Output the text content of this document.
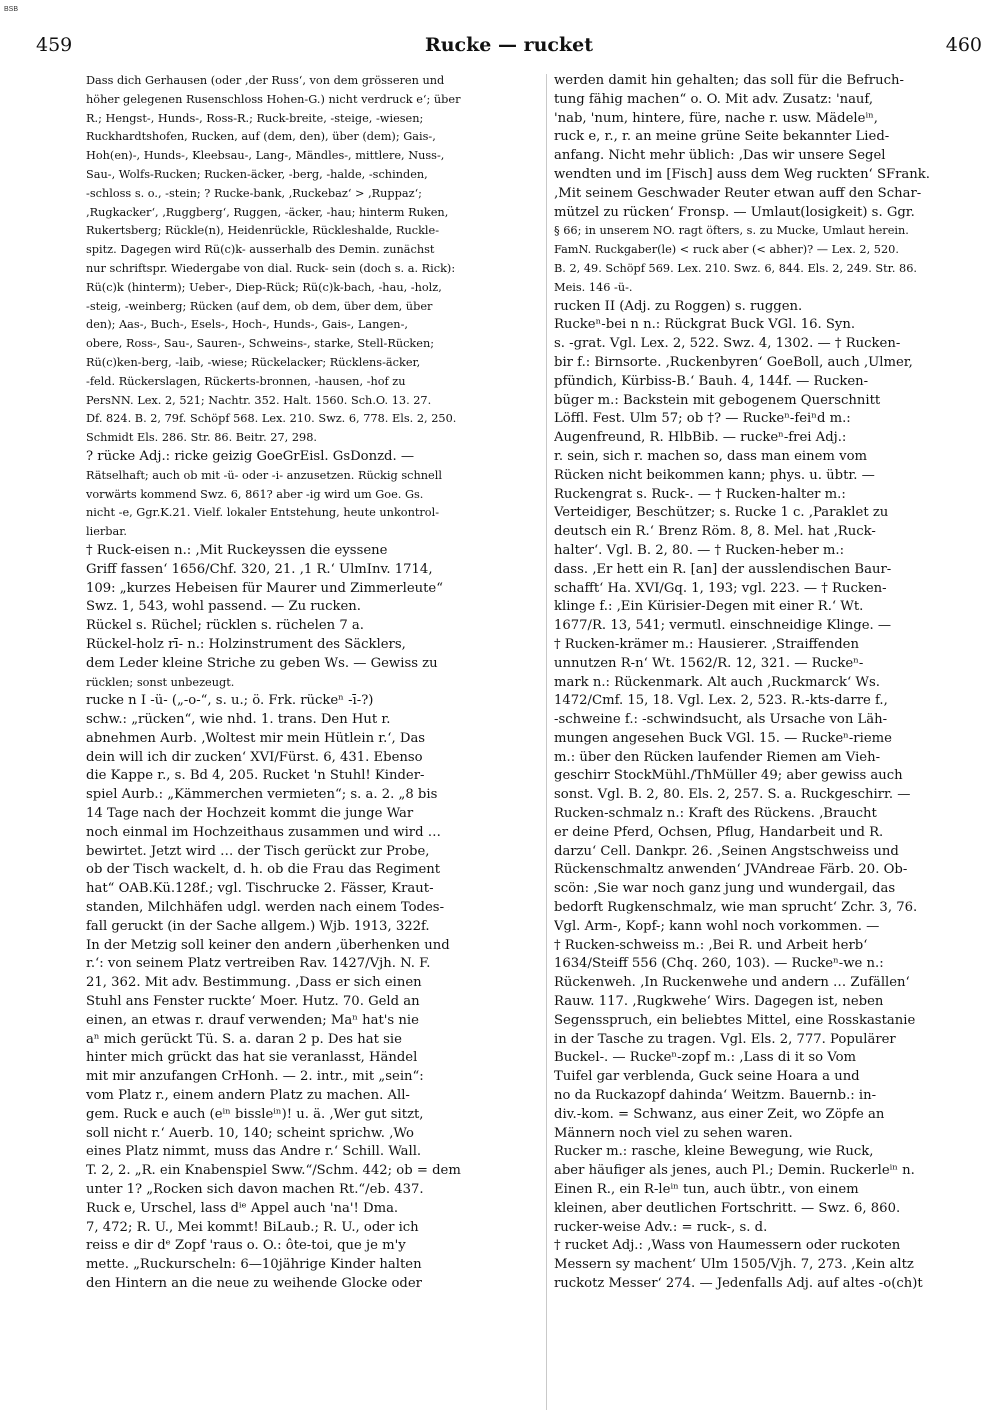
BSB
459	Rucke — rucket	460
Dass dich Gerhausen (oder ‚der Russ‘, von dem grösseren und
höher gelegenen Rusenschloss Hohen-G.) nicht verdruck e‘; über
R.; Hengst-, Hunds-, Ross-R.; Ruck-breite, -steige, -wiesen;
Ruckhardtshofen, Rucken, auf (dem, den), über (dem); Gais-,
Hoh(en)-, Hunds-, Kleebsau-, Lang-, Mändles-, mittlere, Nuss-,
Sau-, Wolfs-Rucken; Rucken-äcker, -berg, -halde, -schinden,
-schloss s. o., -stein; ? Rucke-bank, ‚Ruckebaz‘ > ‚Ruppaz‘;
‚Rugkacker‘, ‚Ruggberg‘, Ruggen, -äcker, -hau; hinterm Ruken,
Rukertsberg; Rückle(n), Heidenrückle, Rückleshalde, Ruckle-
spitz. Dagegen wird Rü(c)k- ausserhalb des Demin. zunächst
nur schriftspr. Wiedergabe von dial. Ruck- sein (doch s. a. Rick):
Rü(c)k (hinterm); Ueber-, Diep-Rück; Rü(c)k-bach, -hau, -holz,
-steig, -weinberg; Rücken (auf dem, ob dem, über dem, über
den); Aas-, Buch-, Esels-, Hoch-, Hunds-, Gais-, Langen-,
obere, Ross-, Sau-, Sauren-, Schweins-, starke, Stell-Rücken;
Rü(c)ken-berg, -laib, -wiese; Rückelacker; Rücklens-äcker,
-feld. Rückerslagen, Rückerts-bronnen, -hausen, -hof zu
PersNN. Lex. 2, 521; Nachtr. 352. Halt. 1560. Sch.O. 13. 27.
Df. 824. B. 2, 79f. Schöpf 568. Lex. 210. Swz. 6, 778. Els. 2, 250.
Schmidt Els. 286. Str. 86. Beitr. 27, 298.
? rücke Adj.: ricke geizig GoeGrEisl. GsDonzd. —
Rätselhaft; auch ob mit -ü- oder -i- anzusetzen. Rückig schnell
vorwärts kommend Swz. 6, 861? aber -ig wird um Goe. Gs.
nicht -e, Ggr.K.21. Vielf. lokaler Entstehung, heute unkontrol-
lierbar.
† Ruck-eisen n.: ‚Mit Ruckeyssen die eyssene
Griff fassen‘ 1656/Chf. 320, 21. ‚1 R.‘ UlmInv. 1714,
109: „kurzes Hebeisen für Maurer und Zimmerleute“
Swz. 1, 543, wohl passend. — Zu rucken.
Rückel s. Rüchel; rücklen s. rüchelen 7 a.
Rückel-holz rī- n.: Holzinstrument des Säcklers,
dem Leder kleine Striche zu geben Ws. — Gewiss zu
rücklen; sonst unbezeugt.
rucke n I -ü- („-o-“, s. u.; ö. Frk. rückeⁿ -ī-?)
schw.: „rücken“, wie nhd. 1. trans. Den Hut r.
abnehmen Aurb. ‚Woltest mir mein Hütlein r.‘, Das
dein will ich dir zucken‘ XVI/Fürst. 6, 431. Ebenso
die Kappe r., s. Bd 4, 205. Rucket 'n Stuhl! Kinder-
spiel Aurb.: „Kämmerchen vermieten“; s. a. 2. „8 bis
14 Tage nach der Hochzeit kommt die junge War
noch einmal im Hochzeithaus zusammen und wird …
bewirtet. Jetzt wird … der Tisch gerückt zur Probe,
ob der Tisch wackelt, d. h. ob die Frau das Regiment
hat“ OAB.Kü.128f.; vgl. Tischrucke 2. Fässer, Kraut-
standen, Milchhäfen udgl. werden nach einem Todes-
fall geruckt (in der Sache allgem.) Wjb. 1913, 322f.
In der Metzig soll keiner den andern ‚überhenken und
r.‘: von seinem Platz vertreiben Rav. 1427/Vjh. N. F.
21, 362. Mit adv. Bestimmung. ‚Dass er sich einen
Stuhl ans Fenster ruckte‘ Moer. Hutz. 70. Geld an
einen, an etwas r. drauf verwenden; Maⁿ hat's nie
aⁿ mich gerückt Tü. S. a. daran 2 p. Des hat sie
hinter mich grückt das hat sie veranlasst, Händel
mit mir anzufangen CrHonh. — 2. intr., mit „sein“:
vom Platz r., einem andern Platz zu machen. All-
gem. Ruck e auch (eⁱⁿ bissleⁱⁿ)! u. ä. ‚Wer gut sitzt,
soll nicht r.‘ Auerb. 10, 140; scheint sprichw. ‚Wo
eines Platz nimmt, muss das Andre r.‘ Schill. Wall.
T. 2, 2. „R. ein Knabenspiel Sww.“/Schm. 442; ob = dem
unter 1? „Rocken sich davon machen Rt.“/eb. 437.
Ruck e, Urschel, lass dⁱᵉ Appel auch 'na'! Dma.
7, 472; R. U., Mei kommt! BiLaub.; R. U., oder ich
reiss e dir dᵉ Zopf 'raus o. O.: ôte-toi, que je m'y
mette. „Ruckurscheln: 6—10jährige Kinder halten
den Hintern an die neue zu weihende Glocke oder
werden damit hin gehalten; das soll für die Befruch-
tung fähig machen“ o. O. Mit adv. Zusatz: 'nauf,
'nab, 'num, hintere, füre, nache r. usw. Mädeleⁱⁿ,
ruck e, r., r. an meine grüne Seite bekannter Lied-
anfang. Nicht mehr üblich: ‚Das wir unsere Segel
wendten und im [Fisch] auss dem Weg ruckten‘ SFrank.
‚Mit seinem Geschwader Reuter etwan auff den Schar-
mützel zu rücken‘ Fronsp. — Umlaut(losigkeit) s. Ggr.
§ 66; in unserem NO. ragt öfters, s. zu Mucke, Umlaut herein.
FamN. Ruckgaber(le) < ruck aber (< abher)? — Lex. 2, 520.
B. 2, 49. Schöpf 569. Lex. 210. Swz. 6, 844. Els. 2, 249. Str. 86.
Meis. 146 -ü-.
rucken II (Adj. zu Roggen) s. ruggen.
Ruckeⁿ-bei n n.: Rückgrat Buck VGl. 16. Syn.
s. -grat. Vgl. Lex. 2, 522. Swz. 4, 1302. — † Rucken-
bir f.: Birnsorte. ‚Ruckenbyren‘ GoeBoll, auch ‚Ulmer,
pfündich, Kürbiss-B.‘ Bauh. 4, 144f. — Rucken-
büger m.: Backstein mit gebogenem Querschnitt
Löffl. Fest. Ulm 57; ob †? — Ruckeⁿ-feiⁿd m.:
Augenfreund, R. HlbBib. — ruckeⁿ-frei Adj.:
r. sein, sich r. machen so, dass man einem vom
Rücken nicht beikommen kann; phys. u. übtr. —
Ruckengrat s. Ruck-. — † Rucken-halter m.:
Verteidiger, Beschützer; s. Rucke 1 c. ‚Paraklet zu
deutsch ein R.‘ Brenz Röm. 8, 8. Mel. hat ‚Ruck-
halter‘. Vgl. B. 2, 80. — † Rucken-heber m.:
dass. ‚Er hett ein R. [an] der ausslendischen Baur-
schafft‘ Ha. XVI/Gq. 1, 193; vgl. 223. — † Rucken-
klinge f.: ‚Ein Kürisier-Degen mit einer R.‘ Wt.
1677/R. 13, 541; vermutl. einschneidige Klinge. —
† Rucken-krämer m.: Hausierer. ‚Straiffenden
unnutzen R-n‘ Wt. 1562/R. 12, 321. — Ruckeⁿ-
mark n.: Rückenmark. Alt auch ‚Ruckmarck‘ Ws.
1472/Cmf. 15, 18. Vgl. Lex. 2, 523. R.-kts-darre f.,
-schweine f.: -schwindsucht, als Ursache von Läh-
mungen angesehen Buck VGl. 15. — Ruckeⁿ-rieme
m.: über den Rücken laufender Riemen am Vieh-
geschirr StockMühl./ThMüller 49; aber gewiss auch
sonst. Vgl. B. 2, 80. Els. 2, 257. S. a. Ruckgeschirr. —
Rucken-schmalz n.: Kraft des Rückens. ‚Braucht
er deine Pferd, Ochsen, Pflug, Handarbeit und R.
darzu‘ Cell. Dankpr. 26. ‚Seinen Angstschweiss und
Rückenschmaltz anwenden‘ JVAndreae Färb. 20. Ob-
scön: ‚Sie war noch ganz jung und wundergail, das
bedorft Rugkenschmalz, wie man sprucht‘ Zchr. 3, 76.
Vgl. Arm-, Kopf-; kann wohl noch vorkommen. —
† Rucken-schweiss m.: ‚Bei R. und Arbeit herb‘
1634/Steiff 556 (Chq. 260, 103). — Ruckeⁿ-we n.:
Rückenweh. ‚In Ruckenwehe und andern … Zufällen‘
Rauw. 117. ‚Rugkwehe‘ Wirs. Dagegen ist, neben
Segensspruch, ein beliebtes Mittel, eine Rosskastanie
in der Tasche zu tragen. Vgl. Els. 2, 777. Populärer
Buckel-. — Ruckeⁿ-zopf m.: ‚Lass di it so Vom
Tuifel gar verblenda, Guck seine Hoara a und
no da Ruckazopf dahinda‘ Weitzm. Bauernb.: in-
div.-kom. = Schwanz, aus einer Zeit, wo Zöpfe an
Männern noch viel zu sehen waren.
Rucker m.: rasche, kleine Bewegung, wie Ruck,
aber häufiger als jenes, auch Pl.; Demin. Ruckerleⁱⁿ n.
Einen R., ein R-leⁱⁿ tun, auch übtr., von einem
kleinen, aber deutlichen Fortschritt. — Swz. 6, 860.
rucker-weise Adv.: = ruck-, s. d.
† rucket Adj.: ‚Wass von Haumessern oder ruckoten
Messern sy machent‘ Ulm 1505/Vjh. 7, 273. ‚Kein altz
ruckotz Messer‘ 274. — Jedenfalls Adj. auf altes -o(ch)t
